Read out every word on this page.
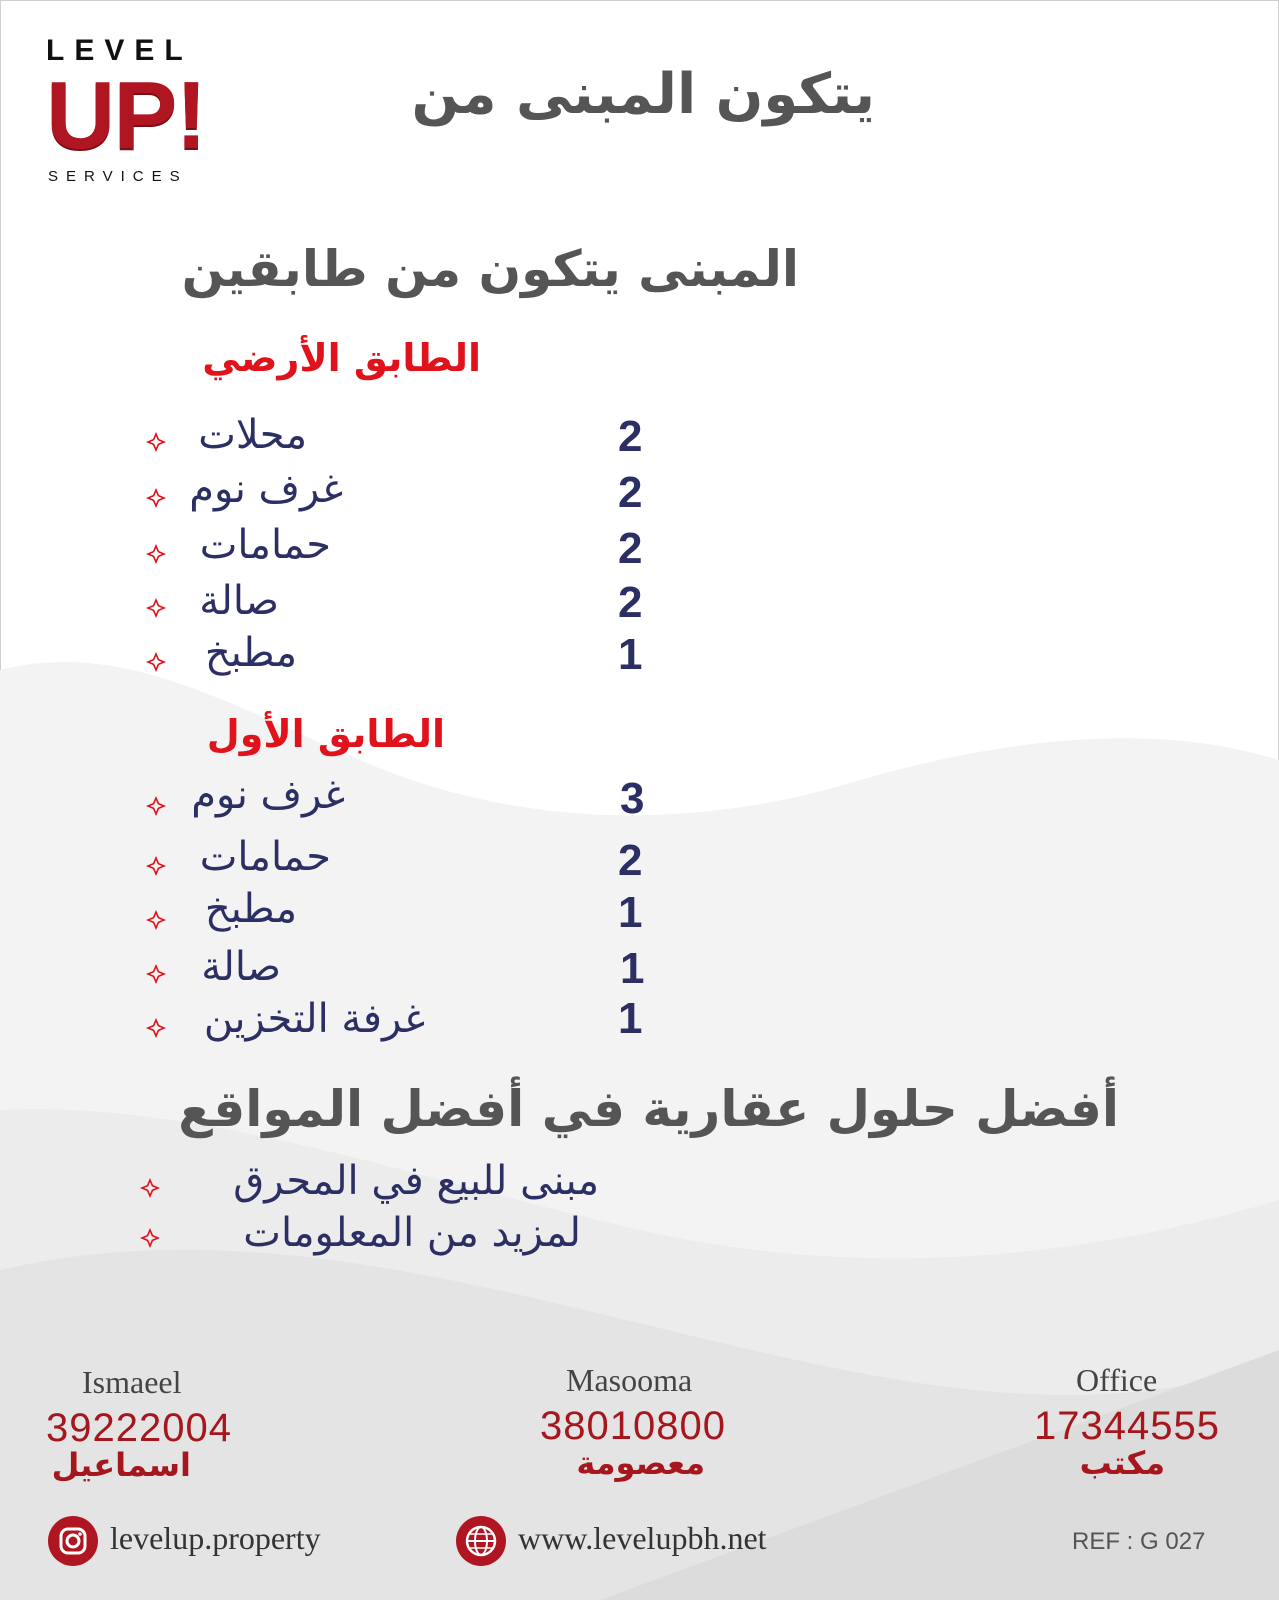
LEVEL
UP!
SERVICES
يتكون المبنى من
المبنى يتكون من طابقين
الطابق الأرضي
محلات	2
غرف نوم	2
حمامات	2
صالة	2
مطبخ	1
الطابق الأول
غرف نوم	3
حمامات	2
مطبخ	1
صالة	1
غرفة التخزين	1
أفضل حلول عقارية في أفضل المواقع
مبنى للبيع في المحرق
لمزيد من المعلومات
Ismaeel
39222004
اسماعيل
Masooma
38010800
معصومة
Office
17344555
مكتب
levelup.property	www.levelupbh.net	REF : G 027
